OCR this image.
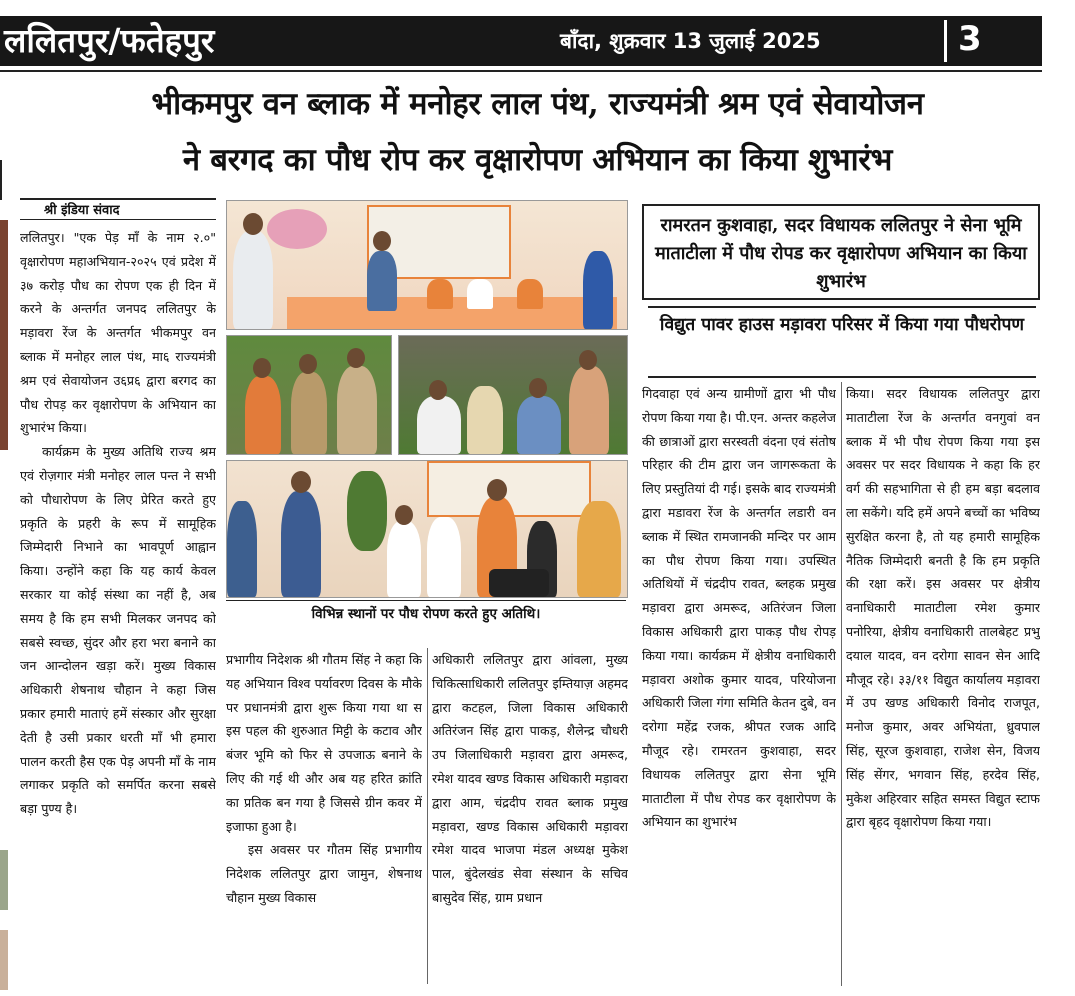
ललितपुर/फतेहपुर	बाँदा, शुक्रवार 13 जुलाई 2025	3
भीकमपुर वन ब्लाक में मनोहर लाल पंथ, राज्यमंत्री श्रम एवं सेवायोजन
ने बरगद का पौध रोप कर वृक्षारोपण अभियान का किया शुभारंभ
श्री इंडिया संवाद

ललितपुर। "एक पेड़ माँ के नाम २.०" वृक्षारोपण महाअभियान-२०२५ एवं प्रदेश में ३७ करोड़ पौध का रोपण एक ही दिन में करने के अन्तर्गत जनपद ललितपुर के मड़ावरा रेंज के अन्तर्गत भीकमपुर वन ब्लाक में मनोहर लाल पंथ, मा६ राज्यमंत्री श्रम एवं सेवायोजन उ६प्र६ द्वारा बरगद का पौध रोपड़ कर वृक्षारोपण के अभियान का शुभारंभ किया।

कार्यक्रम के मुख्य अतिथि राज्य श्रम एवं रोज़गार मंत्री मनोहर लाल पन्त ने सभी को पौधारोपण के लिए प्रेरित करते हुए प्रकृति के प्रहरी के रूप में सामूहिक जिम्मेदारी निभाने का भावपूर्ण आह्वान किया। उन्होंने कहा कि यह कार्य केवल सरकार या कोई संस्था का नहीं है, अब समय है कि हम सभी मिलकर जनपद को सबसे स्वच्छ, सुंदर और हरा भरा बनाने का जन आन्दोलन खड़ा करें। मुख्य विकास अधिकारी शेषनाथ चौहान ने कहा जिस प्रकार हमारी माताएं हमें संस्कार और सुरक्षा देती है उसी प्रकार धरती माँ भी हमारा पालन करती हैस एक पेड़ अपनी माँ के नाम लगाकर प्रकृति को समर्पित करना सबसे बड़ा पुण्य है।

विभिन्न स्थानों पर पौध रोपण करते हुए अतिथि।

प्रभागीय निदेशक श्री गौतम सिंह ने कहा कि यह अभियान विश्व पर्यावरण दिवस के मौके पर प्रधानमंत्री द्वारा शुरू किया गया था स इस पहल की शुरुआत मिट्टी के कटाव और बंजर भूमि को फिर से उपजाऊ बनाने के लिए की गई थी और अब यह हरित क्रांति का प्रतिक बन गया है जिससे ग्रीन कवर में इजाफा हुआ है।

इस अवसर पर गौतम सिंह प्रभागीय निदेशक ललितपुर द्वारा जामुन, शेषनाथ चौहान मुख्य विकास

अधिकारी ललितपुर द्वारा आंवला, मुख्य चिकित्साधिकारी ललितपुर इम्तियाज़ अहमद द्वारा कटहल, जिला विकास अधिकारी अतिरंजन सिंह द्वारा पाकड़, शैलेन्द्र चौधरी उप जिलाधिकारी मड़ावरा द्वारा अमरूद, रमेश यादव खण्ड विकास अधिकारी मड़ावरा द्वारा आम, चंद्रदीप रावत ब्लाक प्रमुख मड़ावरा, खण्ड विकास अधिकारी मड़ावरा रमेश यादव भाजपा मंडल अध्यक्ष मुकेश पाल, बुंदेलखंड सेवा संस्थान के सचिव बासुदेव सिंह, ग्राम प्रधान

रामरतन कुशवाहा, सदर विधायक ललितपुर ने सेना भूमि माताटीला में पौध रोपड कर वृक्षारोपण अभियान का किया शुभारंभ
विद्युत पावर हाउस मड़ावरा परिसर में किया गया पौधरोपण

गिदवाहा एवं अन्य ग्रामीणों द्वारा भी पौध रोपण किया गया है। पी.एन. अन्तर कहलेज की छात्राओं द्वारा सरस्वती वंदना एवं संतोष परिहार की टीम द्वारा जन जागरूकता के लिए प्रस्तुतियां दी गई। इसके बाद राज्यमंत्री द्वारा मडावरा रेंज के अन्तर्गत लडारी वन ब्लाक में स्थित रामजानकी मन्दिर पर आम का पौध रोपण किया गया। उपस्थित अतिथियों में चंद्रदीप रावत, ब्लहक प्रमुख मड़ावरा द्वारा अमरूद, अतिरंजन जिला विकास अधिकारी द्वारा पाकड़ पौध रोपड़ किया गया। कार्यक्रम में क्षेत्रीय वनाधिकारी मड़ावरा अशोक कुमार यादव, परियोजना अधिकारी जिला गंगा समिति केतन दुबे, वन दरोगा महेंद्र रजक, श्रीपत रजक आदि मौजूद रहे। रामरतन कुशवाहा, सदर विधायक ललितपुर द्वारा सेना भूमि माताटीला में पौध रोपड कर वृक्षारोपण के अभियान का शुभारंभ

किया। सदर विधायक ललितपुर द्वारा माताटीला रेंज के अन्तर्गत वनगुवां वन ब्लाक में भी पौध रोपण किया गया इस अवसर पर सदर विधायक ने कहा कि हर वर्ग की सहभागिता से ही हम बड़ा बदलाव ला सकेंगे। यदि हमें अपने बच्चों का भविष्य सुरक्षित करना है, तो यह हमारी सामूहिक नैतिक जिम्मेदारी बनती है कि हम प्रकृति की रक्षा करें। इस अवसर पर क्षेत्रीय वनाधिकारी माताटीला रमेश कुमार पनोरिया, क्षेत्रीय वनाधिकारी तालबेहट प्रभु दयाल यादव, वन दरोगा सावन सेन आदि मौजूद रहे। ३३/११ विद्युत कार्यालय मड़ावरा में उप खण्ड अधिकारी विनोद राजपूत, मनोज कुमार, अवर अभियंता, ध्रुवपाल सिंह, सूरज कुशवाहा, राजेश सेन, विजय सिंह सेंगर, भगवान सिंह, हरदेव सिंह, मुकेश अहिरवार सहित समस्त विद्युत स्टाफ द्वारा बृहद वृक्षारोपण किया गया।
